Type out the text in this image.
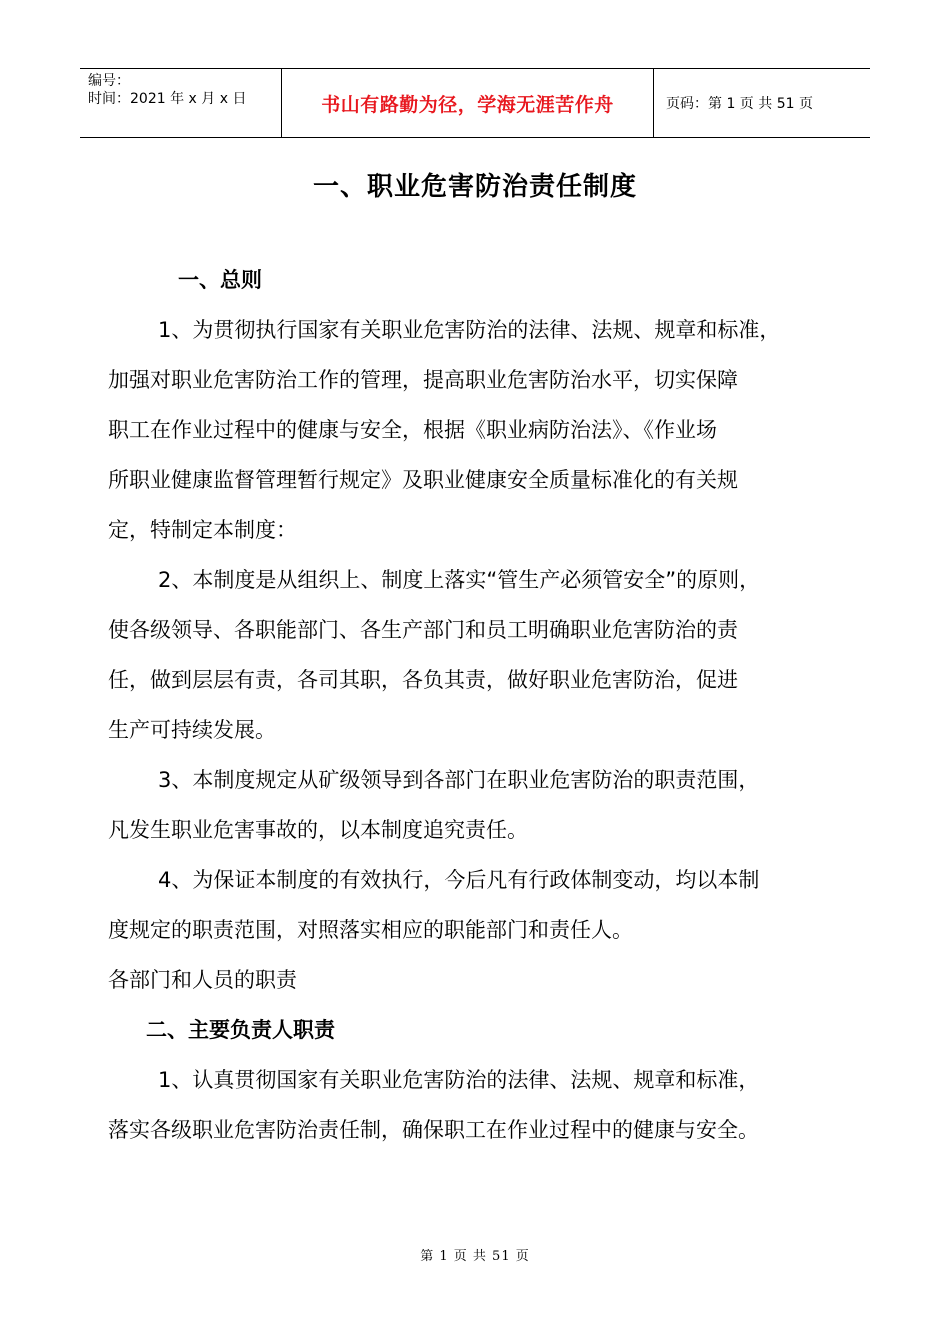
编号：
时间：2021 年 x 月 x 日	书山有路勤为径，学海无涯苦作舟	页码：第 1 页 共 51 页
一、职业危害防治责任制度
一、总则
1、为贯彻执行国家有关职业危害防治的法律、法规、规章和标准，
加强对职业危害防治工作的管理，提高职业危害防治水平，切实保障
职工在作业过程中的健康与安全，根据《职业病防治法》、《作业场
所职业健康监督管理暂行规定》及职业健康安全质量标准化的有关规
定，特制定本制度：
2、本制度是从组织上、制度上落实“管生产必须管安全”的原则，
使各级领导、各职能部门、各生产部门和员工明确职业危害防治的责
任，做到层层有责，各司其职，各负其责，做好职业危害防治，促进
生产可持续发展。
3、本制度规定从矿级领导到各部门在职业危害防治的职责范围，
凡发生职业危害事故的，以本制度追究责任。
4、为保证本制度的有效执行，今后凡有行政体制变动，均以本制
度规定的职责范围，对照落实相应的职能部门和责任人。
各部门和人员的职责
二、主要负责人职责
1、认真贯彻国家有关职业危害防治的法律、法规、规章和标准，
落实各级职业危害防治责任制，确保职工在作业过程中的健康与安全。
第 1 页 共 51 页
